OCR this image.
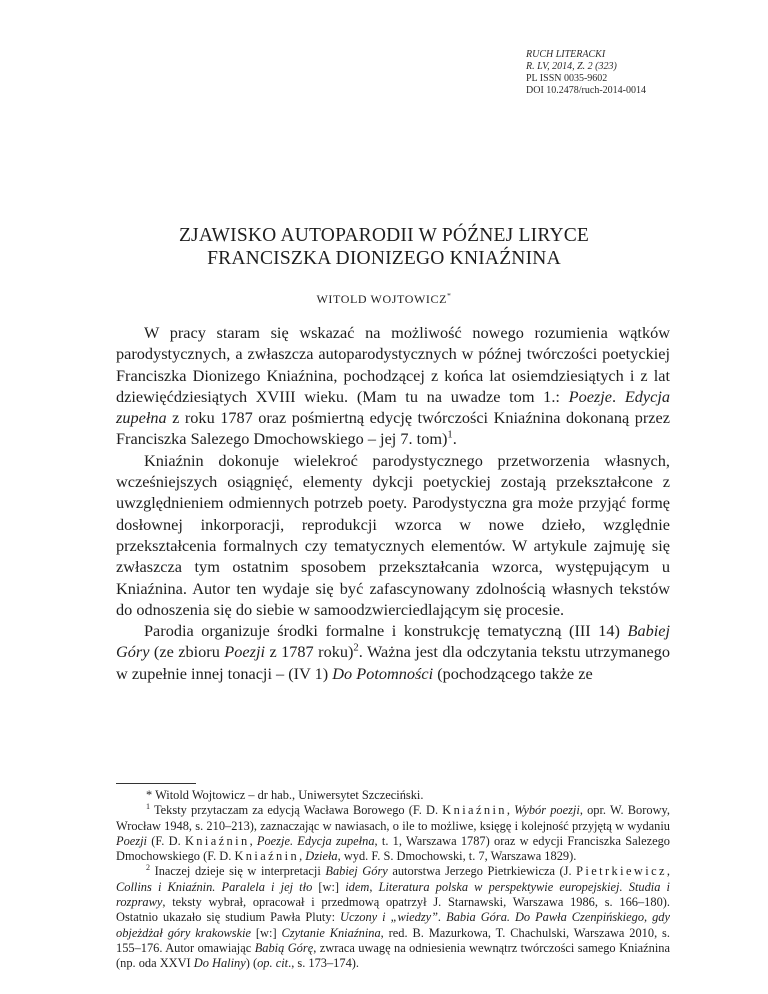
RUCH LITERACKI
R. LV, 2014, Z. 2 (323)
PL ISSN 0035-9602
DOI 10.2478/ruch-2014-0014
ZJAWISKO AUTOPARODII W PÓŹNEJ LIRYCE
FRANCISZKA DIONIZEGO KNIAŹNINA
WITOLD WOJTOWICZ*

W pracy staram się wskazać na możliwość nowego rozumienia wątków parodystycznych, a zwłaszcza autoparodystycznych w późnej twórczości poetyckiej Franciszka Dionizego Kniaźnina, pochodzącej z końca lat osiemdziesiątych i z lat dziewięćdziesiątych XVIII wieku. (Mam tu na uwadze tom 1.: Poezje. Edycja zupełna z roku 1787 oraz pośmiertną edycję twórczości Kniaźnina dokonaną przez Franciszka Salezego Dmochowskiego – jej 7. tom)$^1$.

Kniaźnin dokonuje wielekroć parodystycznego przetworzenia własnych, wcześniejszych osiągnięć, elementy dykcji poetyckiej zostają przekształcone z uwzględnieniem odmiennych potrzeb poety. Parodystyczna gra może przyjąć formę dosłownej inkorporacji, reprodukcji wzorca w nowe dzieło, względnie przekształcenia formalnych czy tematycznych elementów. W artykule zajmuję się zwłaszcza tym ostatnim sposobem przekształcania wzorca, występującym u Kniaźnina. Autor ten wydaje się być zafascynowany zdolnością własnych tekstów do odnoszenia się do siebie w samoodzwierciedlającym się procesie.

Parodia organizuje środki formalne i konstrukcję tematyczną (III 14) Babiej Góry (ze zbioru Poezji z 1787 roku)$^2$. Ważna jest dla odczytania tekstu utrzymanego w zupełnie innej tonacji – (IV 1) Do Potomności (pochodzącego także ze

* Witold Wojtowicz – dr hab., Uniwersytet Szczeciński.

$^1$ Teksty przytaczam za edycją Wacława Borowego (F. D. Kniaźnin, Wybór poezji, opr. W. Borowy, Wrocław 1948, s. 210–213), zaznaczając w nawiasach, o ile to możliwe, księgę i kolejność przyjętą w wydaniu Poezji (F. D. Kniaźnin, Poezje. Edycja zupełna, t. 1, Warszawa 1787) oraz w edycji Franciszka Salezego Dmochowskiego (F. D. Kniaźnin, Dzieła, wyd. F. S. Dmochowski, t. 7, Warszawa 1829).

$^2$ Inaczej dzieje się w interpretacji Babiej Góry autorstwa Jerzego Pietrkiewicza (J. Pietrkiewicz, Collins i Kniaźnin. Paralela i jej tło [w:] idem, Literatura polska w perspektywie europejskiej. Studia i rozprawy, teksty wybrał, opracował i przedmową opatrzył J. Starnawski, Warszawa 1986, s. 166–180). Ostatnio ukazało się studium Pawła Pluty: Uczony i „wiedzy”. Babia Góra. Do Pawła Czenpińskiego, gdy objeżdżał góry krakowskie [w:] Czytanie Kniaźnina, red. B. Mazurkowa, T. Chachulski, Warszawa 2010, s. 155–176. Autor omawiając Babią Górę, zwraca uwagę na odniesienia wewnątrz twórczości samego Kniaźnina (np. oda XXVI Do Haliny) (op. cit., s. 173–174).
